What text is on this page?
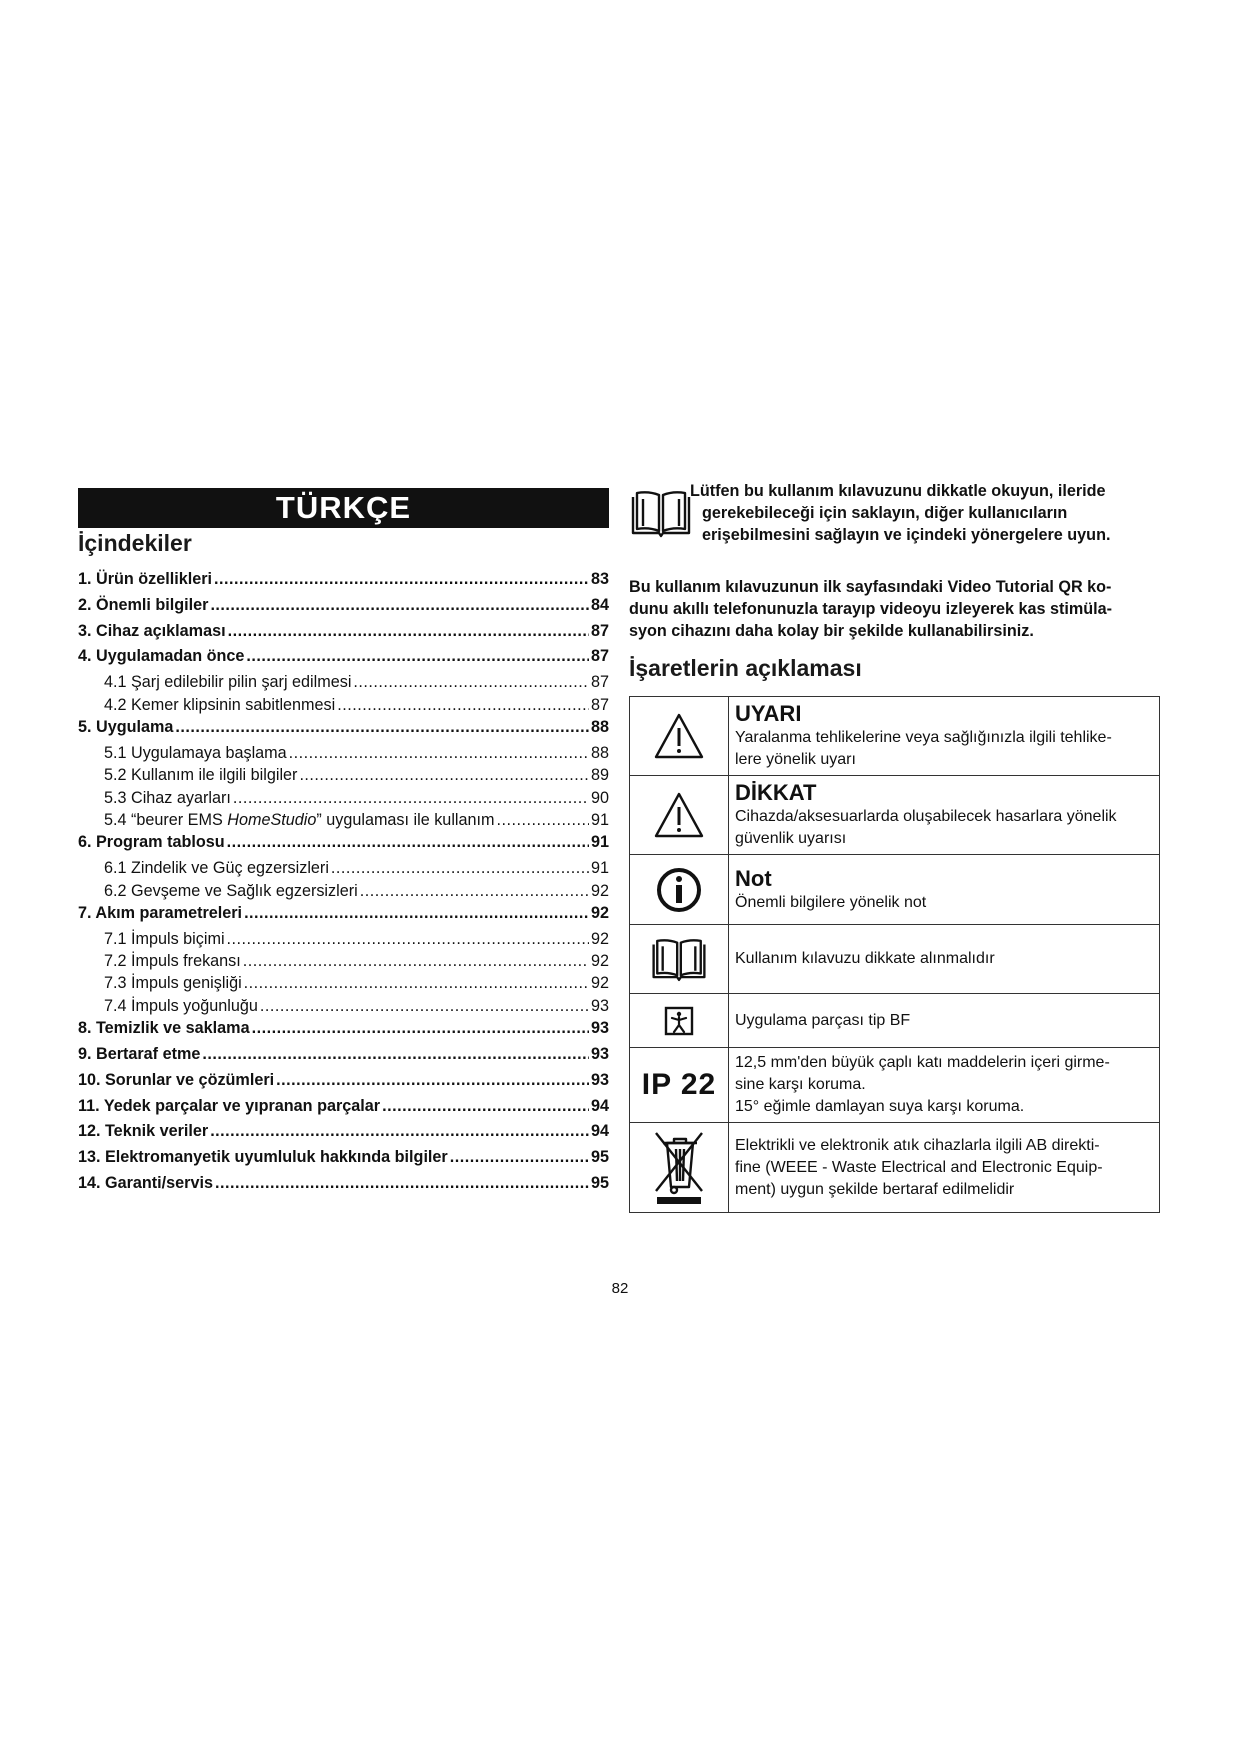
TÜRKÇE
İçindekiler
1. Ürün özellikleri .....	83
2. Önemli bilgiler .....	84
3. Cihaz açıklaması .....	87
4. Uygulamadan önce .....	87
4.1 Şarj edilebilir pilin şarj edilmesi .....	87
4.2 Kemer klipsinin sabitlenmesi .....	87
5. Uygulama .....	88
5.1 Uygulamaya başlama .....	88
5.2 Kullanım ile ilgili bilgiler .....	89
5.3 Cihaz ayarları .....	90
5.4 “beurer EMS HomeStudio” uygulaması ile kullanım .....	91
6. Program tablosu .....	91
6.1 Zindelik ve Güç egzersizleri .....	91
6.2 Gevşeme ve Sağlık egzersizleri .....	92
7. Akım parametreleri .....	92
7.1 İmpuls biçimi .....	92
7.2 İmpuls frekansı .....	92
7.3 İmpuls genişliği .....	92
7.4 İmpuls yoğunluğu .....	93
8. Temizlik ve saklama .....	93
9. Bertaraf etme .....	93
10. Sorunlar ve çözümleri .....	93
11. Yedek parçalar ve yıpranan parçalar .....	94
12. Teknik veriler .....	94
13. Elektromanyetik uyumluluk hakkında bilgiler .....	95
14. Garanti/servis .....	95
Lütfen bu kullanım kılavuzunu dikkatle okuyun, ileride
gerekebileceği için saklayın, diğer kullanıcıların
erişebilmesini sağlayın ve içindeki yönergelere uyun.
Bu kullanım kılavuzunun ilk sayfasındaki Video Tutorial QR ko-
dunu akıllı telefonunuzla tarayıp videoyu izleyerek kas stimüla-
syon cihazını daha kolay bir şekilde kullanabilirsiniz.
İşaretlerin açıklaması

UYARI
Yaralanma tehlikelerine veya sağlığınızla ilgili tehlike-
lere yönelik uyarı

DİKKAT
Cihazda/aksesuarlarda oluşabilecek hasarlara yönelik
güvenlik uyarısı

Not
Önemli bilgilere yönelik not

Kullanım kılavuzu dikkate alınmalıdır

Uygulama parçası tip BF

IP 22	12,5 mm'den büyük çaplı katı maddelerin içeri girme-
sine karşı koruma.
15° eğimle damlayan suya karşı koruma.

Elektrikli ve elektronik atık cihazlarla ilgili AB direkti-
fine (WEEE - Waste Electrical and Electronic Equip-
ment) uygun şekilde bertaraf edilmelidir
82
